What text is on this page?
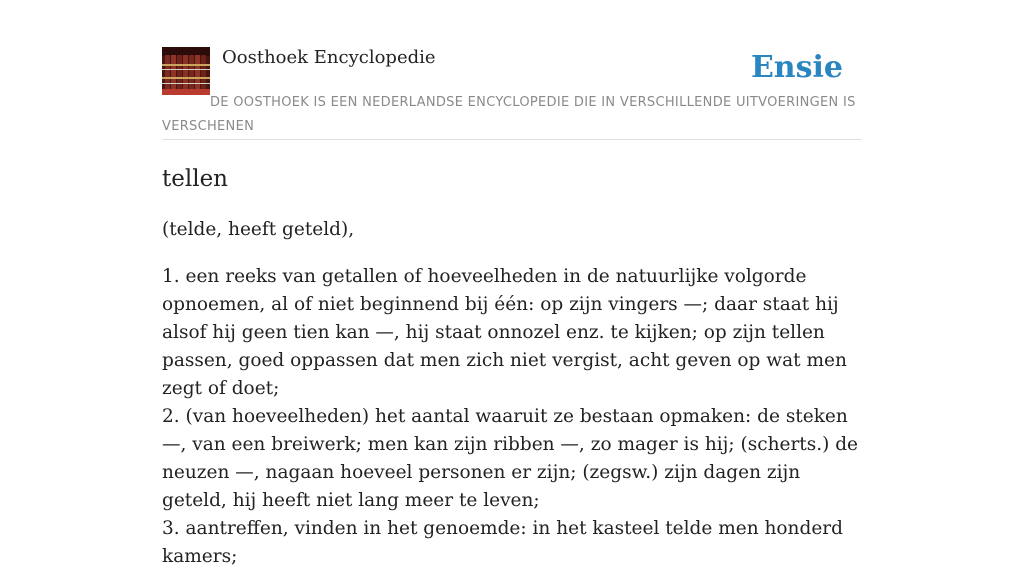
Oosthoek Encyclopedie	Ensie
DE OOSTHOEK IS EEN NEDERLANDSE ENCYCLOPEDIE DIE IN VERSCHILLENDE UITVOERINGEN IS VERSCHENEN
tellen

(telde, heeft geteld),

1. een reeks van getallen of hoeveelheden in de natuurlijke volgorde opnoemen, al of niet beginnend bij één: op zijn vingers —; daar staat hij alsof hij geen tien kan —, hij staat onnozel enz. te kijken; op zijn tellen passen, goed oppassen dat men zich niet vergist, acht geven op wat men zegt of doet;
2. (van hoeveelheden) het aantal waaruit ze bestaan opmaken: de steken —, van een breiwerk; men kan zijn ribben —, zo mager is hij; (scherts.) de neuzen —, nagaan hoeveel personen er zijn; (zegsw.) zijn dagen zijn geteld, hij heeft niet lang meer te leven;
3. aantreffen, vinden in het genoemde: in het kasteel telde men honderd kamers;
